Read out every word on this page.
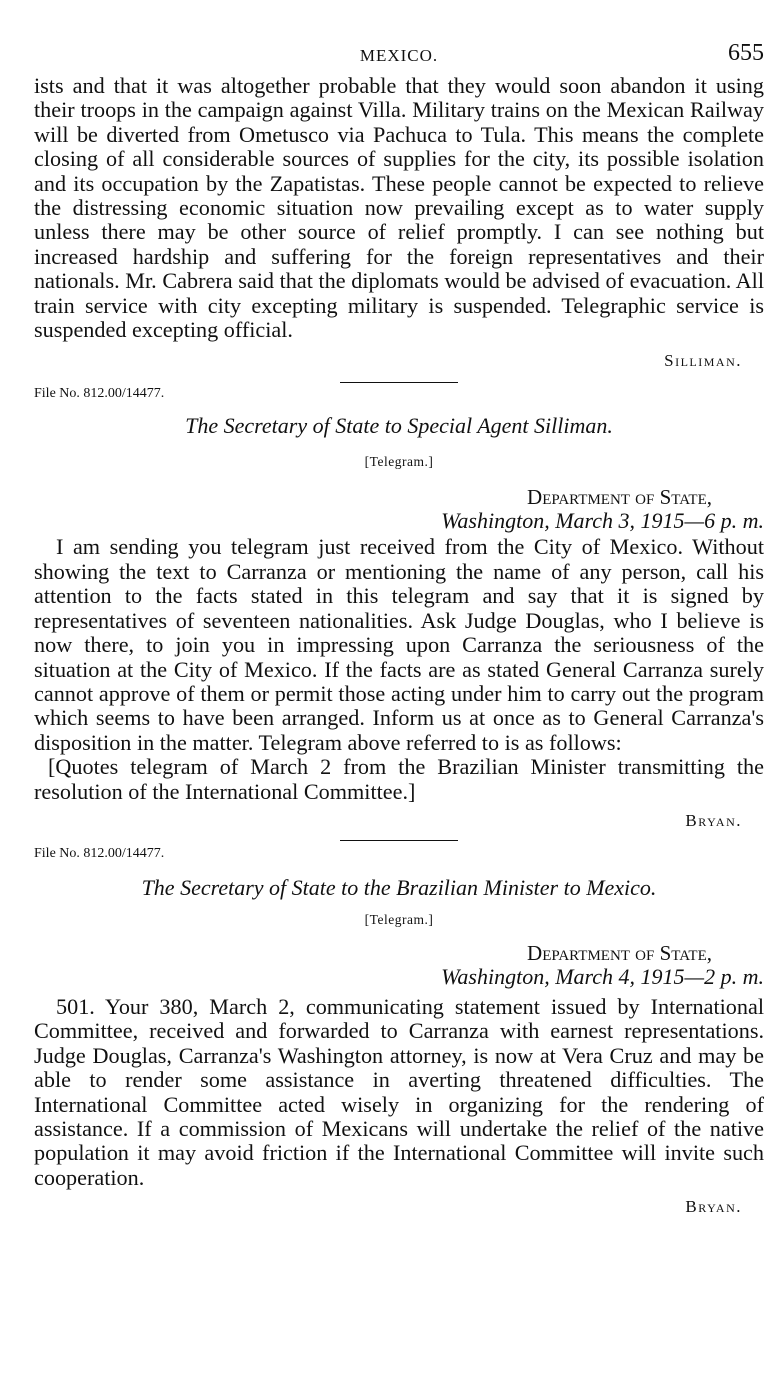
MEXICO.	655

ists and that it was altogether probable that they would soon abandon it using their troops in the campaign against Villa. Military trains on the Mexican Railway will be diverted from Ometusco via Pachuca to Tula. This means the complete closing of all considerable sources of supplies for the city, its possible isolation and its occupation by the Zapatistas. These people cannot be expected to relieve the distressing economic situation now prevailing except as to water supply unless there may be other source of relief promptly. I can see nothing but increased hardship and suffering for the foreign representatives and their nationals. Mr. Cabrera said that the diplomats would be advised of evacuation. All train service with city excepting military is suspended. Telegraphic service is suspended excepting official.

Silliman.

File No. 812.00/14477.

The Secretary of State to Special Agent Silliman.

[Telegram.]

Department of State,

Washington, March 3, 1915—6 p. m.

I am sending you telegram just received from the City of Mexico. Without showing the text to Carranza or mentioning the name of any person, call his attention to the facts stated in this telegram and say that it is signed by representatives of seventeen nationalities. Ask Judge Douglas, who I believe is now there, to join you in impressing upon Carranza the seriousness of the situation at the City of Mexico. If the facts are as stated General Carranza surely cannot approve of them or permit those acting under him to carry out the program which seems to have been arranged. Inform us at once as to General Carranza's disposition in the matter. Telegram above referred to is as follows:

[Quotes telegram of March 2 from the Brazilian Minister transmitting the resolution of the International Committee.]

Bryan.

File No. 812.00/14477.

The Secretary of State to the Brazilian Minister to Mexico.

[Telegram.]

Department of State,

Washington, March 4, 1915—2 p. m.

501. Your 380, March 2, communicating statement issued by International Committee, received and forwarded to Carranza with earnest representations. Judge Douglas, Carranza's Washington attorney, is now at Vera Cruz and may be able to render some assistance in averting threatened difficulties. The International Committee acted wisely in organizing for the rendering of assistance. If a commission of Mexicans will undertake the relief of the native population it may avoid friction if the International Committee will invite such cooperation.

Bryan.
